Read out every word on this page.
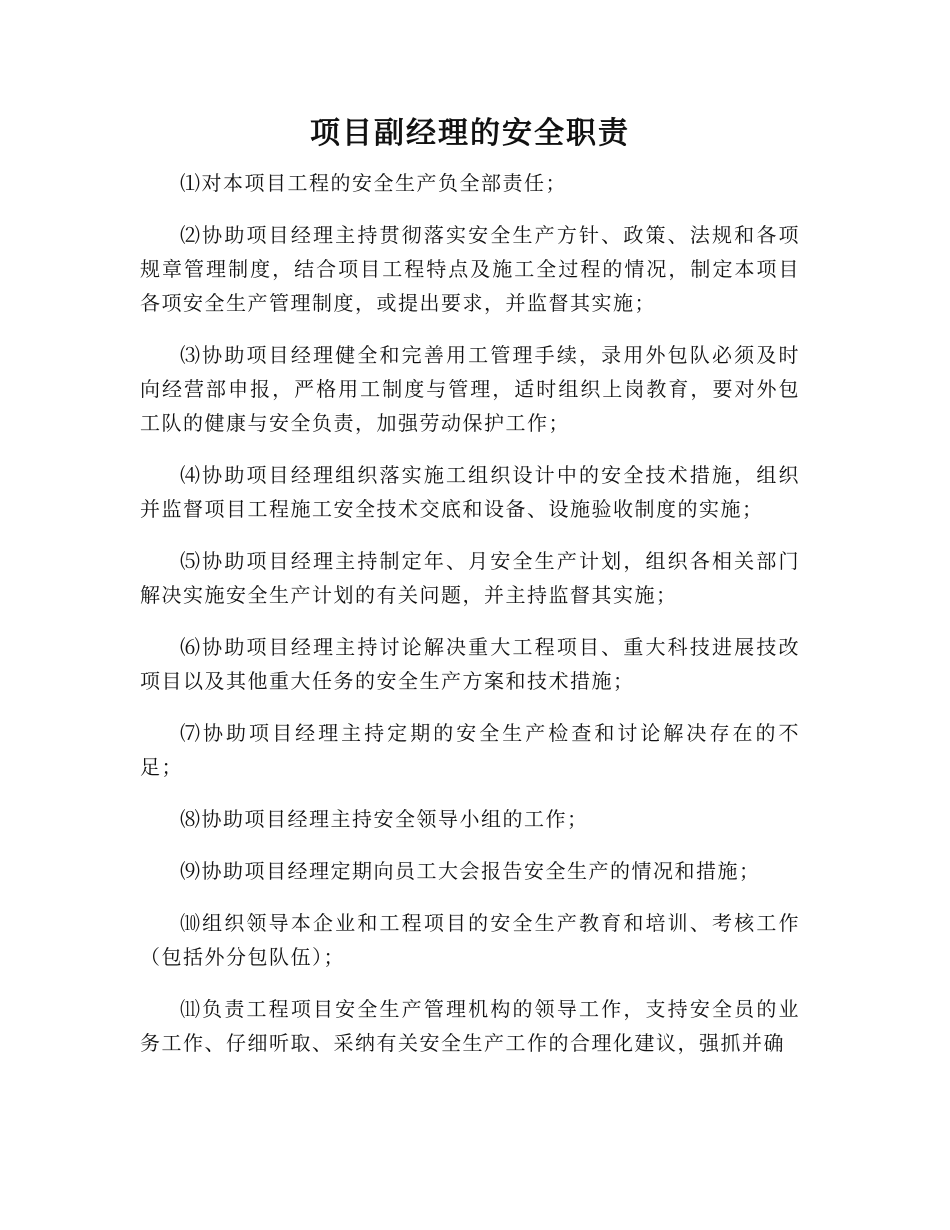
项目副经理的安全职责

⑴对本项目工程的安全生产负全部责任；

⑵协助项目经理主持贯彻落实安全生产方针、政策、法规和各项规章管理制度，结合项目工程特点及施工全过程的情况，制定本项目各项安全生产管理制度，或提出要求，并监督其实施；

⑶协助项目经理健全和完善用工管理手续，录用外包队必须及时向经营部申报，严格用工制度与管理，适时组织上岗教育，要对外包工队的健康与安全负责，加强劳动保护工作；

⑷协助项目经理组织落实施工组织设计中的安全技术措施，组织并监督项目工程施工安全技术交底和设备、设施验收制度的实施；

⑸协助项目经理主持制定年、月安全生产计划，组织各相关部门解决实施安全生产计划的有关问题，并主持监督其实施；

⑹协助项目经理主持讨论解决重大工程项目、重大科技进展技改项目以及其他重大任务的安全生产方案和技术措施；

⑺协助项目经理主持定期的安全生产检查和讨论解决存在的不足；

⑻协助项目经理主持安全领导小组的工作；

⑼协助项目经理定期向员工大会报告安全生产的情况和措施；

⑽组织领导本企业和工程项目的安全生产教育和培训、考核工作（包括外分包队伍）；

⑾负责工程项目安全生产管理机构的领导工作，支持安全员的业务工作、仔细听取、采纳有关安全生产工作的合理化建议，强抓并确
